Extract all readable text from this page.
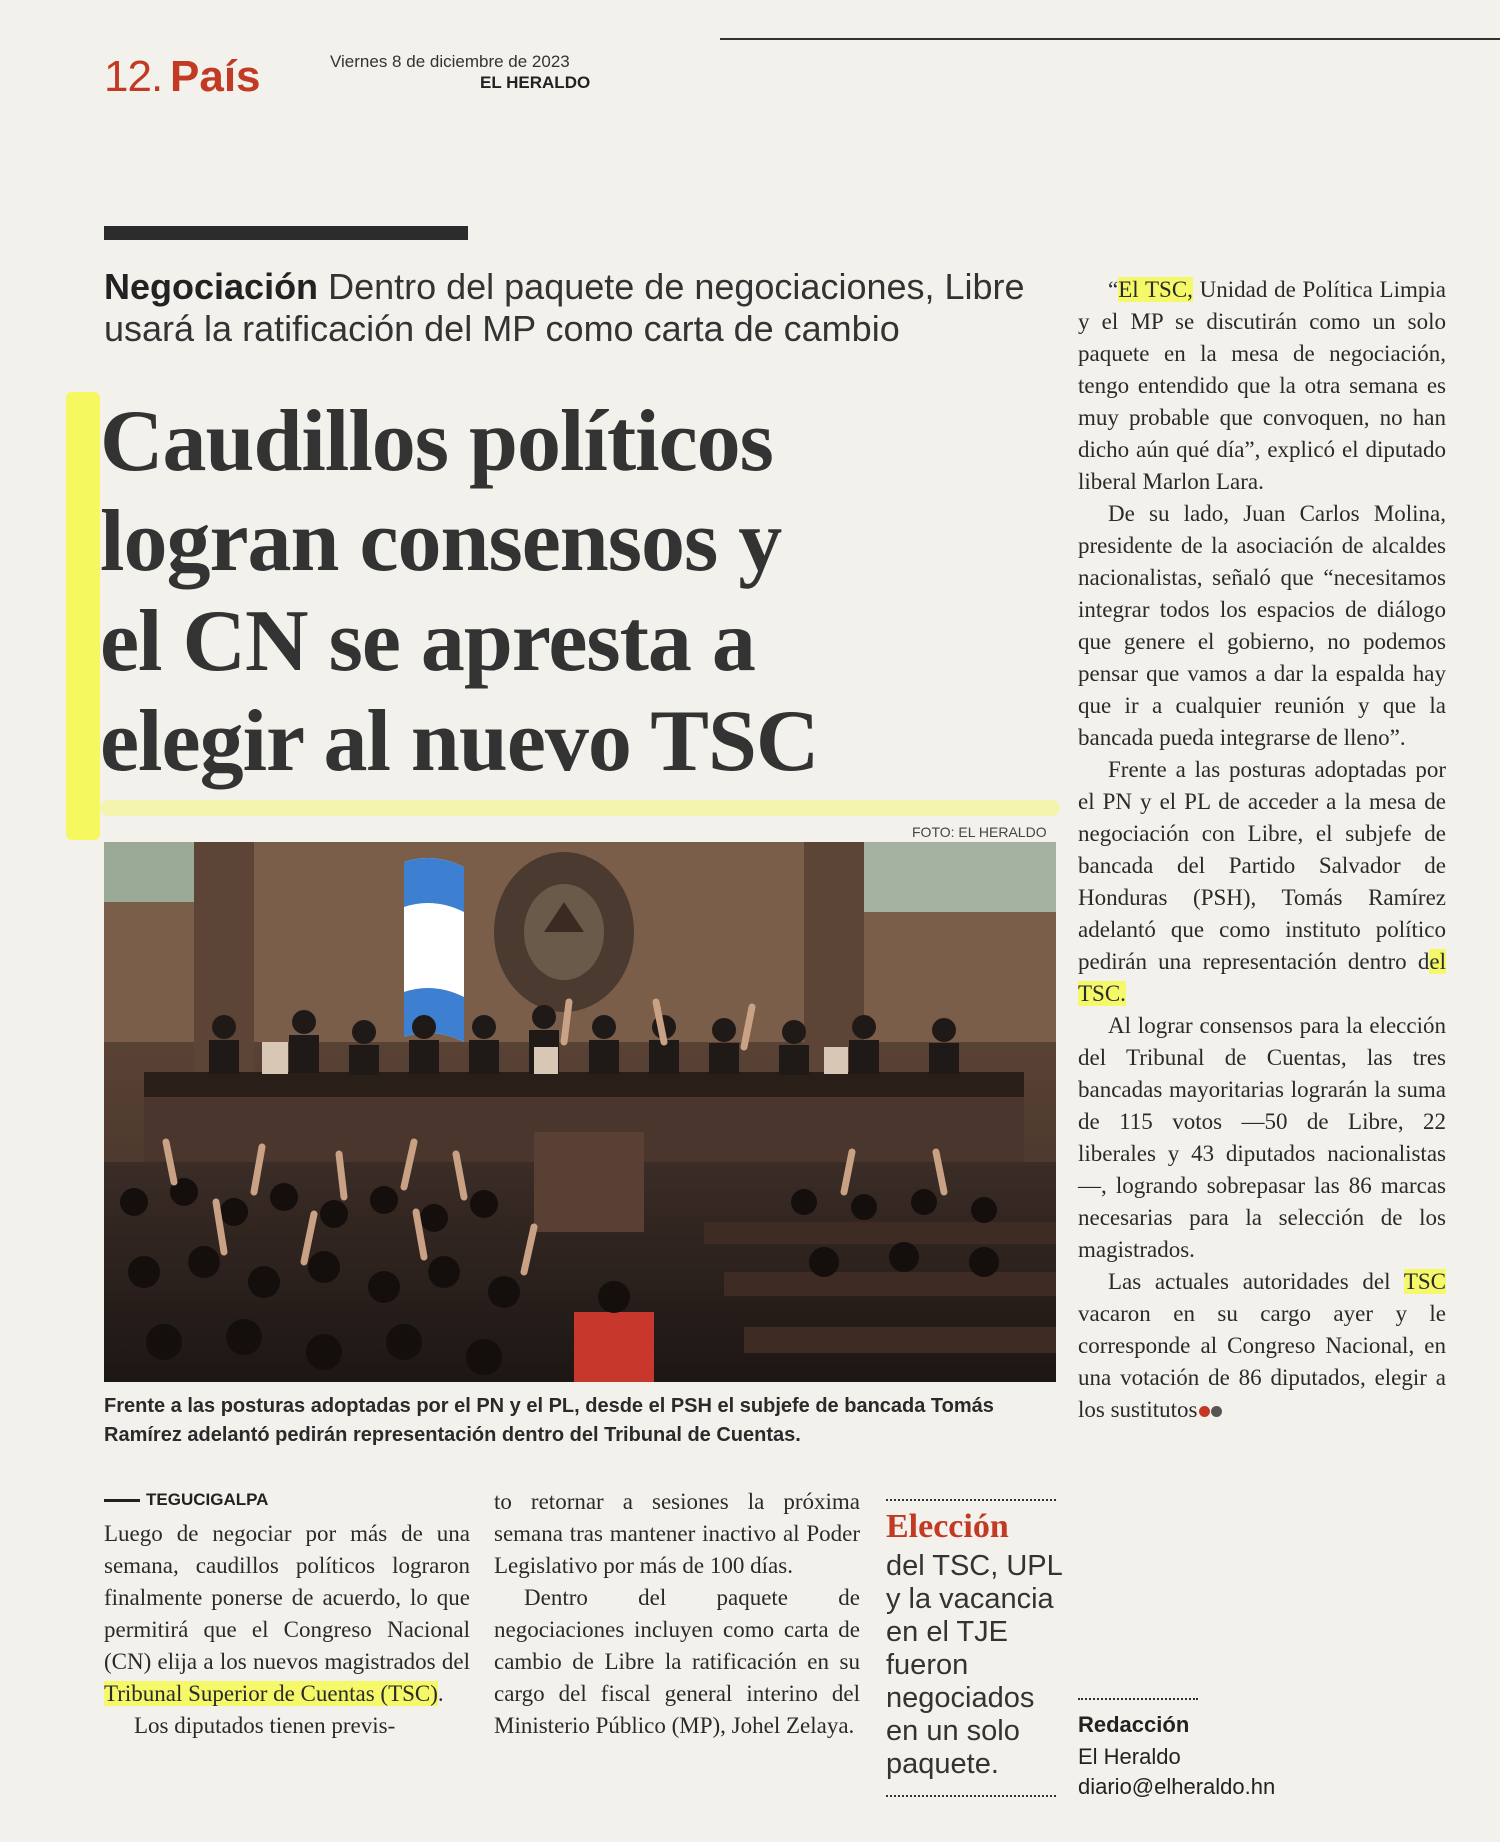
12. País	Viernes 8 de diciembre de 2023
EL HERALDO
Negociación Dentro del paquete de negociaciones, Libre usará la ratificación del MP como carta de cambio
Caudillos políticos
logran consensos y
el CN se apresta a
elegir al nuevo TSC
FOTO: EL HERALDO
Frente a las posturas adoptadas por el PN y el PL, desde el PSH el subjefe de bancada Tomás Ramírez adelantó pedirán representación dentro del Tribunal de Cuentas.
TEGUCIGALPA

Luego de negociar por más de una semana, caudillos políticos lograron finalmente ponerse de acuerdo, lo que permitirá que el Congreso Nacional (CN) elija a los nuevos magistrados del Tribunal Superior de Cuentas (TSC).

Los diputados tienen previs-

to retornar a sesiones la próxima semana tras mantener inactivo al Poder Legislativo por más de 100 días.

Dentro del paquete de negociaciones incluyen como carta de cambio de Libre la ratificación en su cargo del fiscal general interino del Ministerio Público (MP), Johel Zelaya.

Elección
del TSC, UPL y la vacancia en el TJE fueron negociados en un solo paquete.

“El TSC, Unidad de Política Limpia y el MP se discutirán como un solo paquete en la mesa de negociación, tengo entendido que la otra semana es muy probable que convoquen, no han dicho aún qué día”, explicó el diputado liberal Marlon Lara.

De su lado, Juan Carlos Molina, presidente de la asociación de alcaldes nacionalistas, señaló que “necesitamos integrar todos los espacios de diálogo que genere el gobierno, no podemos pensar que vamos a dar la espalda hay que ir a cualquier reunión y que la bancada pueda integrarse de lleno”.

Frente a las posturas adoptadas por el PN y el PL de acceder a la mesa de negociación con Libre, el subjefe de bancada del Partido Salvador de Honduras (PSH), Tomás Ramírez adelantó que como instituto político pedirán una representación dentro del TSC.

Al lograr consensos para la elección del Tribunal de Cuentas, las tres bancadas mayoritarias lograrán la suma de 115 votos —50 de Libre, 22 liberales y 43 diputados nacionalistas—, logrando sobrepasar las 86 marcas necesarias para la selección de los magistrados.

Las actuales autoridades del TSC vacaron en su cargo ayer y le corresponde al Congreso Nacional, en una votación de 86 diputados, elegir a los sustitutos

Redacción
El Heraldo
diario@elheraldo.hn
